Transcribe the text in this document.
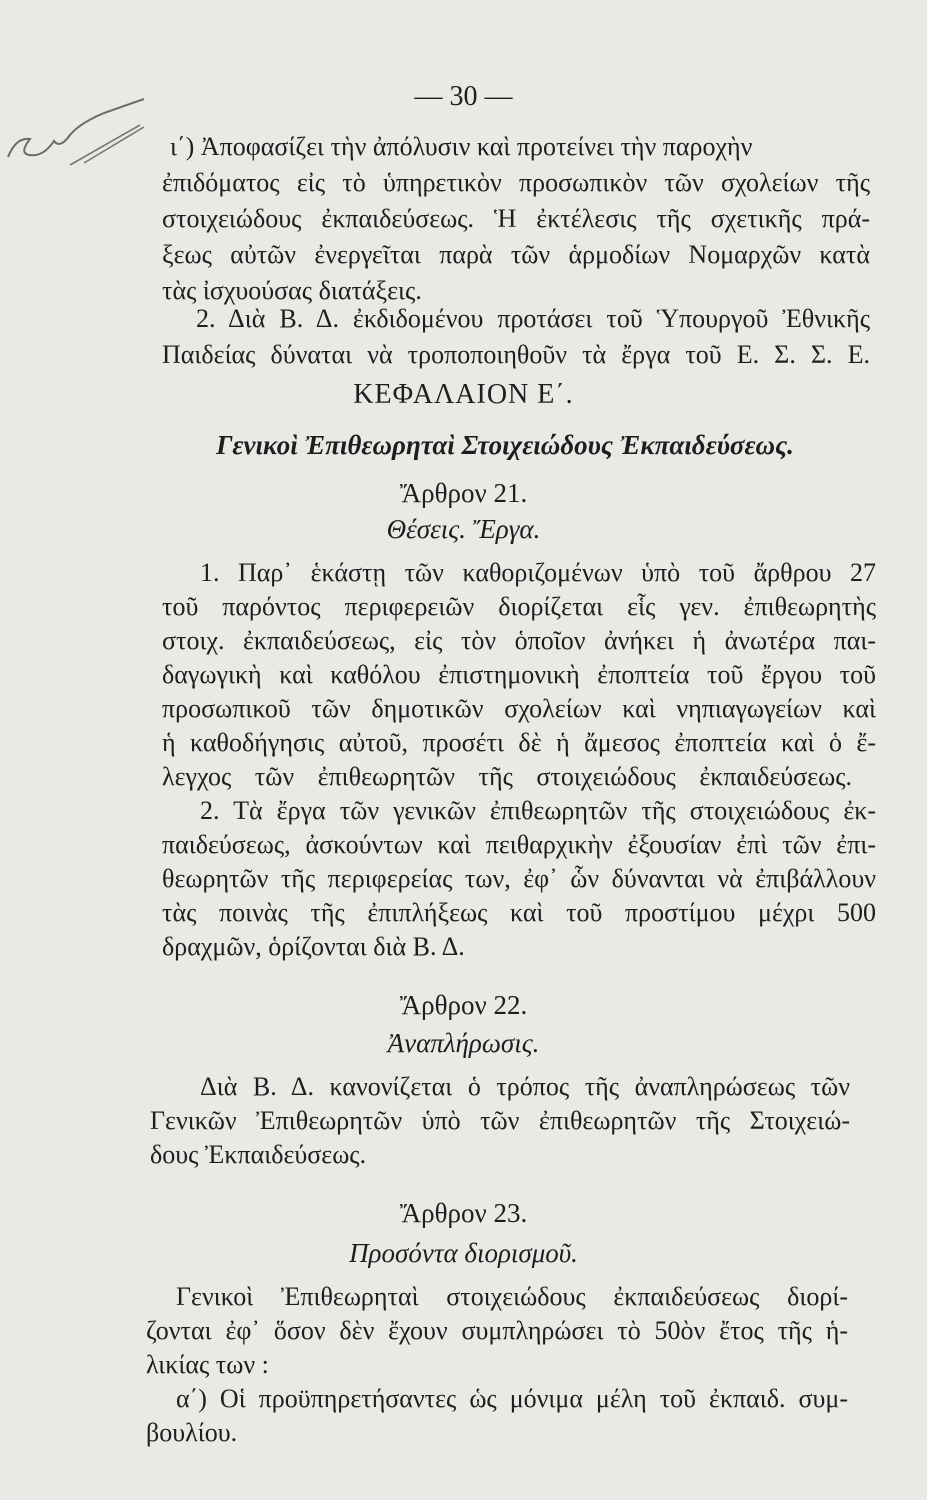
— 30 —
ι΄) Ἀποφασίζει τὴν ἀπόλυσιν καὶ προτείνει τὴν παροχὴν
ἐπιδόματος εἰς τὸ ὑπηρετικὸν προσωπικὸν τῶν σχολείων τῆς
στοιχειώδους ἐκπαιδεύσεως. Ἡ ἐκτέλεσις τῆς σχετικῆς πρά-
ξεως αὐτῶν ἐνεργεῖται παρὰ τῶν ἁρμοδίων Νομαρχῶν κατὰ
τὰς ἰσχυούσας διατάξεις.
2. Διὰ Β. Δ. ἐκδιδομένου προτάσει τοῦ Ὑπουργοῦ Ἐθνικῆς
Παιδείας δύναται νὰ τροποποιηθοῦν τὰ ἔργα τοῦ Ε. Σ. Σ. Ε.
ΚΕΦΑΛΑΙΟΝ Ε΄.
Γενικοὶ Ἐπιθεωρηταὶ Στοιχειώδους Ἐκπαιδεύσεως.
Ἄρθρον 21.
Θέσεις. Ἔργα.
1. Παρ᾽ ἑκάστῃ τῶν καθοριζομένων ὑπὸ τοῦ ἄρθρου 27
τοῦ παρόντος περιφερειῶν διορίζεται εἷς γεν. ἐπιθεωρητὴς
στοιχ. ἐκπαιδεύσεως, εἰς τὸν ὁποῖον ἀνήκει ἡ ἀνωτέρα παι-
δαγωγικὴ καὶ καθόλου ἐπιστημονικὴ ἐποπτεία τοῦ ἔργου τοῦ
προσωπικοῦ τῶν δημοτικῶν σχολείων καὶ νηπιαγωγείων καὶ
ἡ καθοδήγησις αὐτοῦ, προσέτι δὲ ἡ ἄμεσος ἐποπτεία καὶ ὁ ἔ-
λεγχος τῶν ἐπιθεωρητῶν τῆς στοιχειώδους ἐκπαιδεύσεως.
2. Τὰ ἔργα τῶν γενικῶν ἐπιθεωρητῶν τῆς στοιχειώδους ἐκ-
παιδεύσεως, ἀσκούντων καὶ πειθαρχικὴν ἐξουσίαν ἐπὶ τῶν ἐπι-
θεωρητῶν τῆς περιφερείας των, ἐφ᾽ ὧν δύνανται νὰ ἐπιβάλλουν
τὰς ποινὰς τῆς ἐπιπλήξεως καὶ τοῦ προστίμου μέχρι 500
δραχμῶν, ὁρίζονται διὰ Β. Δ.
Ἄρθρον 22.
Ἀναπλήρωσις.
Διὰ Β. Δ. κανονίζεται ὁ τρόπος τῆς ἀναπληρώσεως τῶν
Γενικῶν Ἐπιθεωρητῶν ὑπὸ τῶν ἐπιθεωρητῶν τῆς Στοιχειώ-
δους Ἐκπαιδεύσεως.
Ἄρθρον 23.
Προσόντα διορισμοῦ.
Γενικοὶ Ἐπιθεωρηταὶ στοιχειώδους ἐκπαιδεύσεως διορί-
ζονται ἐφ᾽ ὅσον δὲν ἔχουν συμπληρώσει τὸ 50ὸν ἔτος τῆς ἡ-
λικίας των :
α΄) Οἱ προϋπηρετήσαντες ὡς μόνιμα μέλη τοῦ ἐκπαιδ. συμ-
βουλίου.
